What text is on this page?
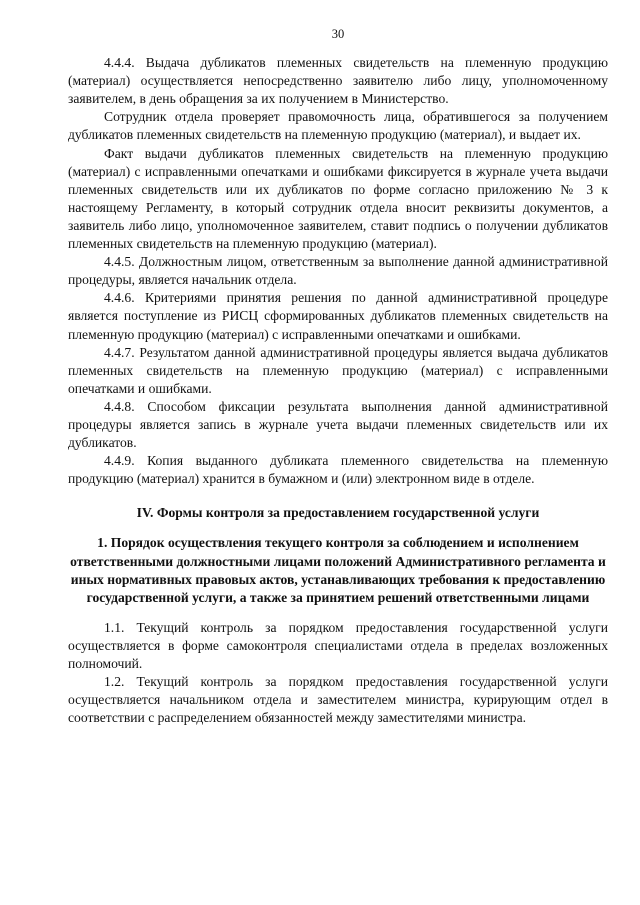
30

4.4.4. Выдача дубликатов племенных свидетельств на племенную продукцию (материал) осуществляется непосредственно заявителю либо лицу, уполномоченному заявителем, в день обращения за их получением в Министерство.

Сотрудник отдела проверяет правомочность лица, обратившегося за получением дубликатов племенных свидетельств на племенную продукцию (материал), и выдает их.

Факт выдачи дубликатов племенных свидетельств на племенную продукцию (материал) с исправленными опечатками и ошибками фиксируется в журнале учета выдачи племенных свидетельств или их дубликатов по форме согласно приложению № 3 к настоящему Регламенту, в который сотрудник отдела вносит реквизиты документов, а заявитель либо лицо, уполномоченное заявителем, ставит подпись о получении дубликатов племенных свидетельств на племенную продукцию (материал).

4.4.5. Должностным лицом, ответственным за выполнение данной административной процедуры, является начальник отдела.

4.4.6. Критериями принятия решения по данной административной процедуре является поступление из РИСЦ сформированных дубликатов племенных свидетельств на племенную продукцию (материал) с исправленными опечатками и ошибками.

4.4.7. Результатом данной административной процедуры является выдача дубликатов племенных свидетельств на племенную продукцию (материал) с исправленными опечатками и ошибками.

4.4.8. Способом фиксации результата выполнения данной административной процедуры является запись в журнале учета выдачи племенных свидетельств или их дубликатов.

4.4.9. Копия выданного дубликата племенного свидетельства на племенную продукцию (материал) хранится в бумажном и (или) электронном виде в отделе.

IV. Формы контроля за предоставлением государственной услуги

1. Порядок осуществления текущего контроля за соблюдением и исполнением ответственными должностными лицами положений Административного регламента и иных нормативных правовых актов, устанавливающих требования к предоставлению государственной услуги, а также за принятием решений ответственными лицами

1.1. Текущий контроль за порядком предоставления государственной услуги осуществляется в форме самоконтроля специалистами отдела в пределах возложенных полномочий.

1.2. Текущий контроль за порядком предоставления государственной услуги осуществляется начальником отдела и заместителем министра, курирующим отдел в соответствии с распределением обязанностей между заместителями министра.
